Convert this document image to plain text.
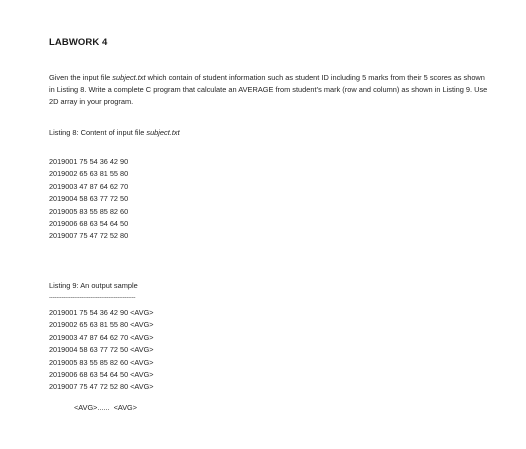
LABWORK 4

Given the input file subject.txt which contain of student information such as student ID including 5 marks from their 5 scores as shown in Listing 8. Write a complete C program that calculate an AVERAGE from student’s mark (row and column) as shown in Listing 9. Use 2D array in your program.

Listing 8: Content of input file subject.txt

2019001 75 54 36 42 90
2019002 65 63 81 55 80
2019003 47 87 64 62 70
2019004 58 63 77 72 50
2019005 83 55 85 82 60
2019006 68 63 54 64 50
2019007 75 47 72 52 80

Listing 9: An output sample

------------------------------------------------
2019001 75 54 36 42 90 <AVG>
2019002 65 63 81 55 80 <AVG>
2019003 47 87 64 62 70 <AVG>
2019004 58 63 77 72 50 <AVG>
2019005 83 55 85 82 60 <AVG>
2019006 68 63 54 64 50 <AVG>
2019007 75 47 72 52 80 <AVG>
<AVG>......  <AVG>
